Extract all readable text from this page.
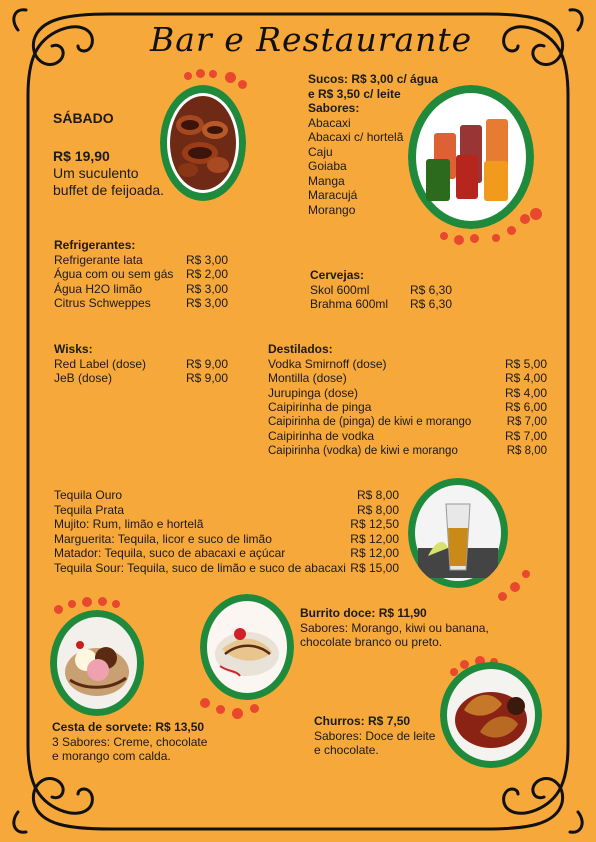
Bar e Restaurante
SÁBADO
R$ 19,90
Um suculento
buffet de feijoada.
Sucos: R$ 3,00 c/ água
e R$ 3,50 c/ leite
Sabores:
Abacaxi
Abacaxi c/ hortelã
Caju
Goiaba
Manga
Maracujá
Morango
Refrigerantes:
Refrigerante lata	R$ 3,00
Água com ou sem gás R$ 2,00
Água H2O limão	R$ 3,00
Citrus Schweppes	R$ 3,00
Cervejas:
Skol 600ml	R$ 6,30
Brahma 600ml R$ 6,30
Wisks:
Red Label (dose)	R$ 9,00
JeB (dose)	R$ 9,00
Destilados:
Vodka Smirnoff (dose)	R$ 5,00
Montilla (dose)	R$ 4,00
Jurupinga (dose)	R$ 4,00
Caipirinha de pinga	R$ 6,00
Caipirinha de (pinga) de kiwi e morango	R$ 7,00
Caipirinha de vodka	R$ 7,00
Caipirinha (vodka) de kiwi e morango	R$ 8,00
Tequila Ouro	R$ 8,00
Tequila Prata	R$ 8,00
Mujito: Rum, limão e hortelã	R$ 12,50
Marguerita: Tequila, licor e suco de limão	R$ 12,00
Matador: Tequila, suco de abacaxi e açúcar	R$ 12,00
Tequila Sour: Tequila, suco de limão e suco de abacaxi R$ 15,00
Burrito doce: R$ 11,90
Sabores: Morango, kiwi ou banana,
chocolate branco ou preto.
Cesta de sorvete: R$ 13,50
3 Sabores: Creme, chocolate
e morango com calda.
Churros: R$ 7,50
Sabores: Doce de leite
e chocolate.
